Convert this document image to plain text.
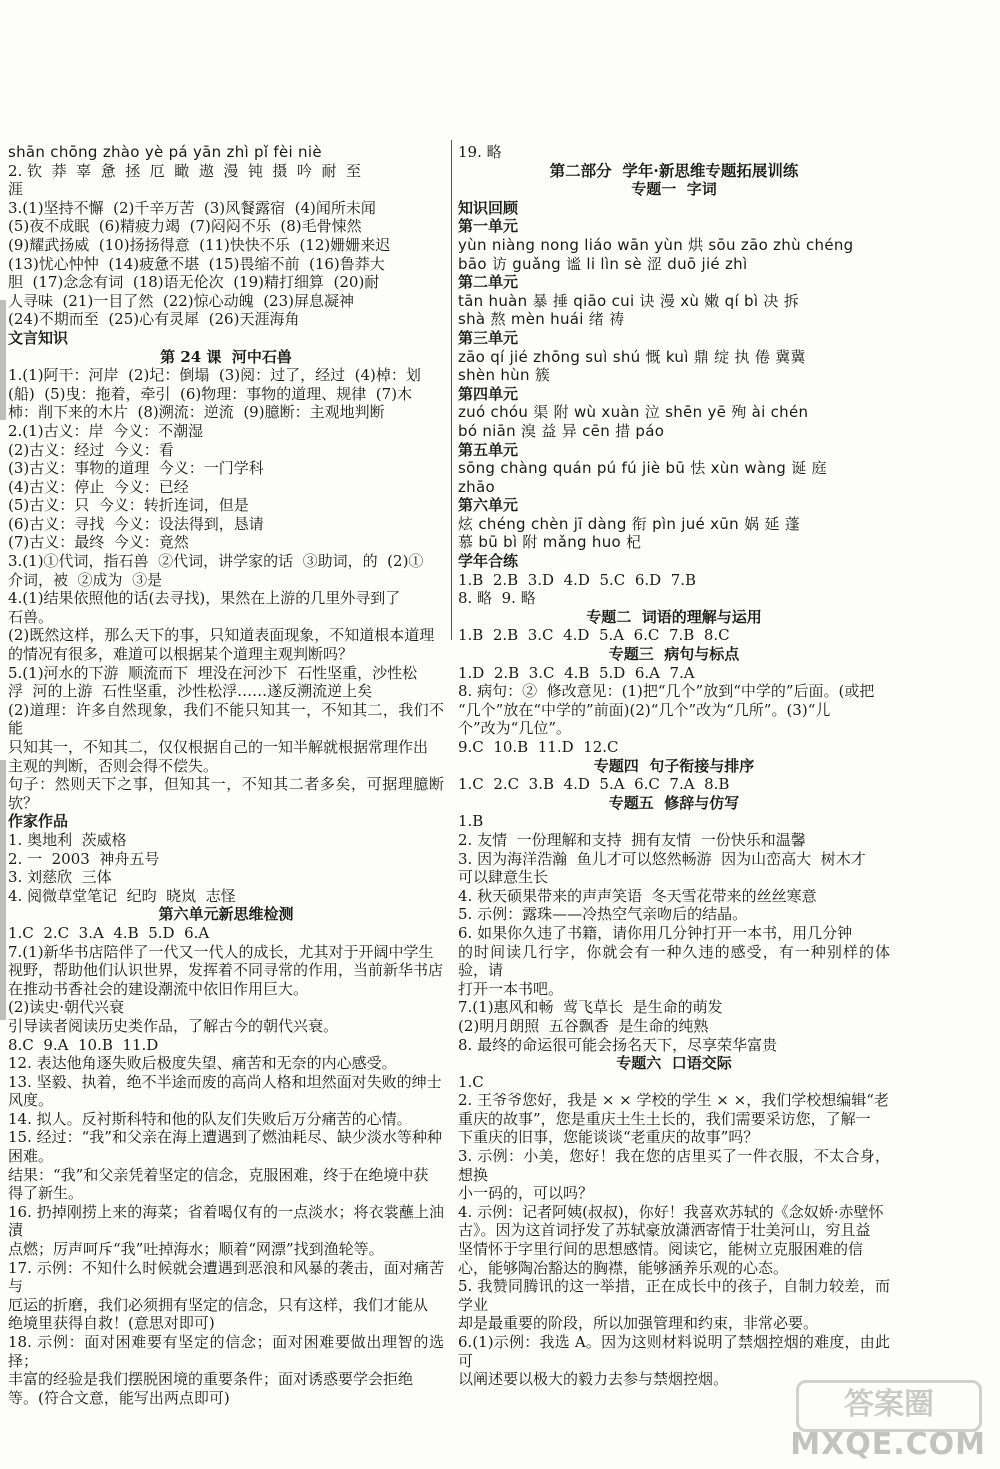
shān chōng zhào yè pá yān zhì pǐ fèi niè

2. 钦  莽  辜  惫  拯  厄  瞰  遨  漫  钝  摄  吟  耐  至

涯

3.(1)坚持不懈  (2)千辛万苦  (3)风餐露宿  (4)闻所未闻

(5)夜不成眠  (6)精疲力竭  (7)闷闷不乐  (8)毛骨悚然

(9)耀武扬威  (10)扬扬得意  (11)快快不乐  (12)姗姗来迟

(13)忧心忡忡  (14)疲惫不堪  (15)畏缩不前  (16)鲁莽大

胆  (17)念念有词  (18)语无伦次  (19)精打细算  (20)耐

人寻味  (21)一目了然  (22)惊心动魄  (23)屏息凝神

(24)不期而至  (25)心有灵犀  (26)天涯海角

文言知识

第 24 课  河中石兽

1.(1)阿干：河岸  (2)圮：倒塌  (3)阅：过了，经过  (4)棹：划

(船)  (5)曳：拖着，牵引  (6)物理：事物的道理、规律  (7)木

柿：削下来的木片  (8)溯流：逆流  (9)臆断：主观地判断

2.(1)古义：岸  今义：不潮湿

(2)古义：经过  今义：看

(3)古义：事物的道理  今义：一门学科

(4)古义：停止  今义：已经

(5)古义：只  今义：转折连词，但是

(6)古义：寻找  今义：设法得到，恳请

(7)古义：最终  今义：竟然

3.(1)①代词，指石兽  ②代词，讲学家的话  ③助词，的  (2)①

介词，被  ②成为  ③是

4.(1)结果依照他的话(去寻找)，果然在上游的几里外寻到了

石兽。

(2)既然这样，那么天下的事，只知道表面现象，不知道根本道理

的情况有很多，难道可以根据某个道理主观判断吗？

5.(1)河水的下游  顺流而下  埋没在河沙下  石性坚重，沙性松

浮  河的上游  石性坚重，沙性松浮……遂反溯流逆上矣

(2)道理：许多自然现象，我们不能只知其一，不知其二，我们不能

只知其一，不知其二，仅仅根据自己的一知半解就根据常理作出

主观的判断，否则会得不偿失。

句子：然则天下之事，但知其一，不知其二者多矣，可据理臆断欤？

作家作品

1. 奥地利  茨威格

2. 一  2003  神舟五号

3. 刘慈欣  三体

4. 阅微草堂笔记  纪昀  晓岚  志怪

第六单元新思维检测

1.C  2.C  3.A  4.B  5.D  6.A

7.(1)新华书店陪伴了一代又一代人的成长，尤其对于开阔中学生

视野，帮助他们认识世界，发挥着不同寻常的作用，当前新华书店

在推动书香社会的建设潮流中依旧作用巨大。

(2)读史·朝代兴衰

引导读者阅读历史类作品，了解古今的朝代兴衰。

8.C  9.A  10.B  11.D

12. 表达他角逐失败后极度失望、痛苦和无奈的内心感受。

13. 坚毅、执着，绝不半途而废的高尚人格和坦然面对失败的绅士

风度。

14. 拟人。反衬斯科特和他的队友们失败后万分痛苦的心情。

15. 经过：“我”和父亲在海上遭遇到了燃油耗尽、缺少淡水等种种

困难。

结果：“我”和父亲凭着坚定的信念，克服困难，终于在绝境中获

得了新生。

16. 扔掉刚捞上来的海菜；省着喝仅有的一点淡水；将衣裳蘸上油漬

点燃；厉声呵斥“我”吐掉海水；顺着“网漂”找到渔轮等。

17. 示例：不知什么时候就会遭遇到恶浪和风暴的袭击，面对痛苦与

厄运的折磨，我们必须拥有坚定的信念，只有这样，我们才能从

绝境里获得自救！(意思对即可)

18. 示例：面对困难要有坚定的信念；面对困难要做出理智的选择；

丰富的经验是我们摆脱困境的重要条件；面对诱惑要学会拒绝

等。(符合文意，能写出两点即可)

19. 略

第二部分  学年·新思维专题拓展训练

专题一  字词

知识回顾

第一单元

yùn niàng nong liáo wān yùn 烘 sōu zāo zhù chéng

bāo 访 guǎng 谧 li lìn sè 涩 duō jié zhì

第二单元

tān huàn 暴 捶 qiāo cui 诀 漫 xù 嫩 qí bì 决 拆

shà 熬 mèn huái 绪 祷

第三单元

zāo qí jié zhōng suì shú 慨 kuì 鼎 绽 执 倦 冀冀

shèn hùn 簇

第四单元

zuó chóu 渠 附 wù xuàn 泣 shēn yē 殉 ài chén

bó niān 溴 益 异 cēn 措 páo

第五单元

sōng chàng quán pú fú jiè bū 怯 xùn wàng 诞 庭

zhāo

第六单元

炫 chéng chèn jī dàng 衔 pìn jué xūn 娲 延 蓬

慕 bū bì 附 mǎng huo 杞

学年合练

1.B  2.B  3.D  4.D  5.C  6.D  7.B

8. 略  9. 略

专题二  词语的理解与运用

1.B  2.B  3.C  4.D  5.A  6.C  7.B  8.C

专题三  病句与标点

1.D  2.B  3.C  4.B  5.D  6.A  7.A

8. 病句：②  修改意见：(1)把“几个”放到“中学的”后面。(或把

“几个”放在“中学的”前面)(2)“几个”改为“几所”。(3)“儿

个”改为“几位”。

9.C  10.B  11.D  12.C

专题四  句子衔接与排序

1.C  2.C  3.B  4.D  5.A  6.C  7.A  8.B

专题五  修辞与仿写

1.B

2. 友情  一份理解和支持  拥有友情  一份快乐和温馨

3. 因为海洋浩瀚  鱼儿才可以悠然畅游  因为山峦高大  树木才

可以肆意生长

4. 秋天硕果带来的声声笑语  冬天雪花带来的丝丝寒意

5. 示例：露珠——冷热空气亲吻后的结晶。

6. 如果你久违了书籍，请你用几分钟打开一本书，用几分钟

的时间读几行字，你就会有一种久违的感受，有一种别样的体验，请

打开一本书吧。

7.(1)惠风和畅  莺飞草长  是生命的萌发

(2)明月朗照  五谷飘香  是生命的纯熟

8. 最终的命运很可能会扬名天下，尽享荣华富贵

专题六  口语交际

1.C

2. 王爷爷您好，我是 × × 学校的学生 × ×，我们学校想编辑“老

重庆的故事”，您是重庆土生土长的，我们需要采访您，了解一

下重庆的旧事，您能谈谈“老重庆的故事”吗？

3. 示例：小美，您好！我在您的店里买了一件衣服，不太合身，想换

小一码的，可以吗？

4. 示例：记者阿姨(叔叔)，你好！我喜欢苏轼的《念奴娇·赤壁怀

古》。因为这首词抒发了苏轼豪放潇洒寄情于壮美河山，穷且益

坚情怀于字里行间的思想感情。阅读它，能树立克服困难的信

心，能够陶冶豁达的胸襟，能够涵养乐观的心态。

5. 我赞同腾讯的这一举措，正在成长中的孩子，自制力较差，而学业

却是最重要的阶段，所以加强管理和约束，非常必要。

6.(1)示例：我选 A。因为这则材料说明了禁烟控烟的难度，由此可

以阐述要以极大的毅力去参与禁烟控烟。

答案圈
MXQE.COM
